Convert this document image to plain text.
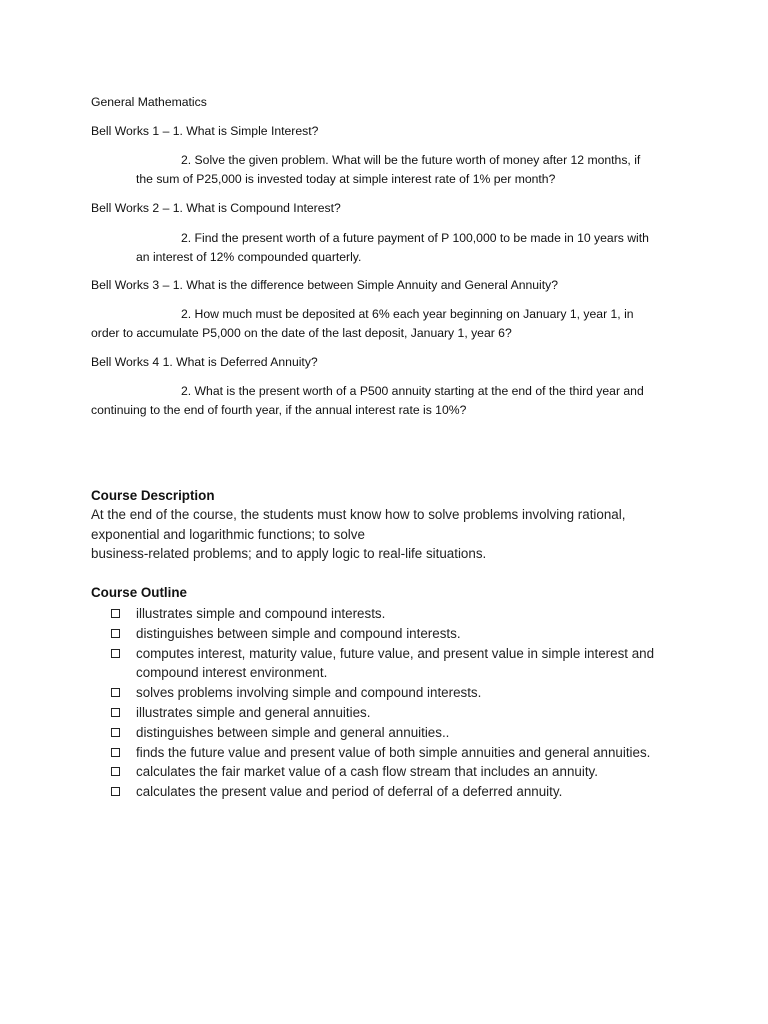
General Mathematics
Bell Works 1 – 1. What is Simple Interest?
2. Solve the given problem. What will be the future worth of money after 12 months, if
the sum of P25,000 is invested today at simple interest rate of 1% per month?
Bell Works 2 – 1. What is Compound Interest?
2. Find the present worth of a future payment of P 100,000 to be made in 10 years with
an interest of 12% compounded quarterly.
Bell Works 3 – 1. What is the difference between Simple Annuity and General Annuity?
2. How much must be deposited at 6% each year beginning on January 1, year 1, in
order to accumulate P5,000 on the date of the last deposit, January 1, year 6?
Bell Works 4 1. What is Deferred Annuity?
2. What is the present worth of a P500 annuity starting at the end of the third year and
continuing to the end of fourth year, if the annual interest rate is 10%?
Course Description
At the end of the course, the students must know how to solve problems involving rational,
exponential and logarithmic functions; to solve
business-related problems; and to apply logic to real-life situations.
Course Outline
illustrates simple and compound interests.
distinguishes between simple and compound interests.
computes interest, maturity value, future value, and present value in simple interest and compound interest environment.
solves problems involving simple and compound interests.
illustrates simple and general annuities.
distinguishes between simple and general annuities..
finds the future value and present value of both simple annuities and general annuities.
calculates the fair market value of a cash flow stream that includes an annuity.
calculates the present value and period of deferral of a deferred annuity.
